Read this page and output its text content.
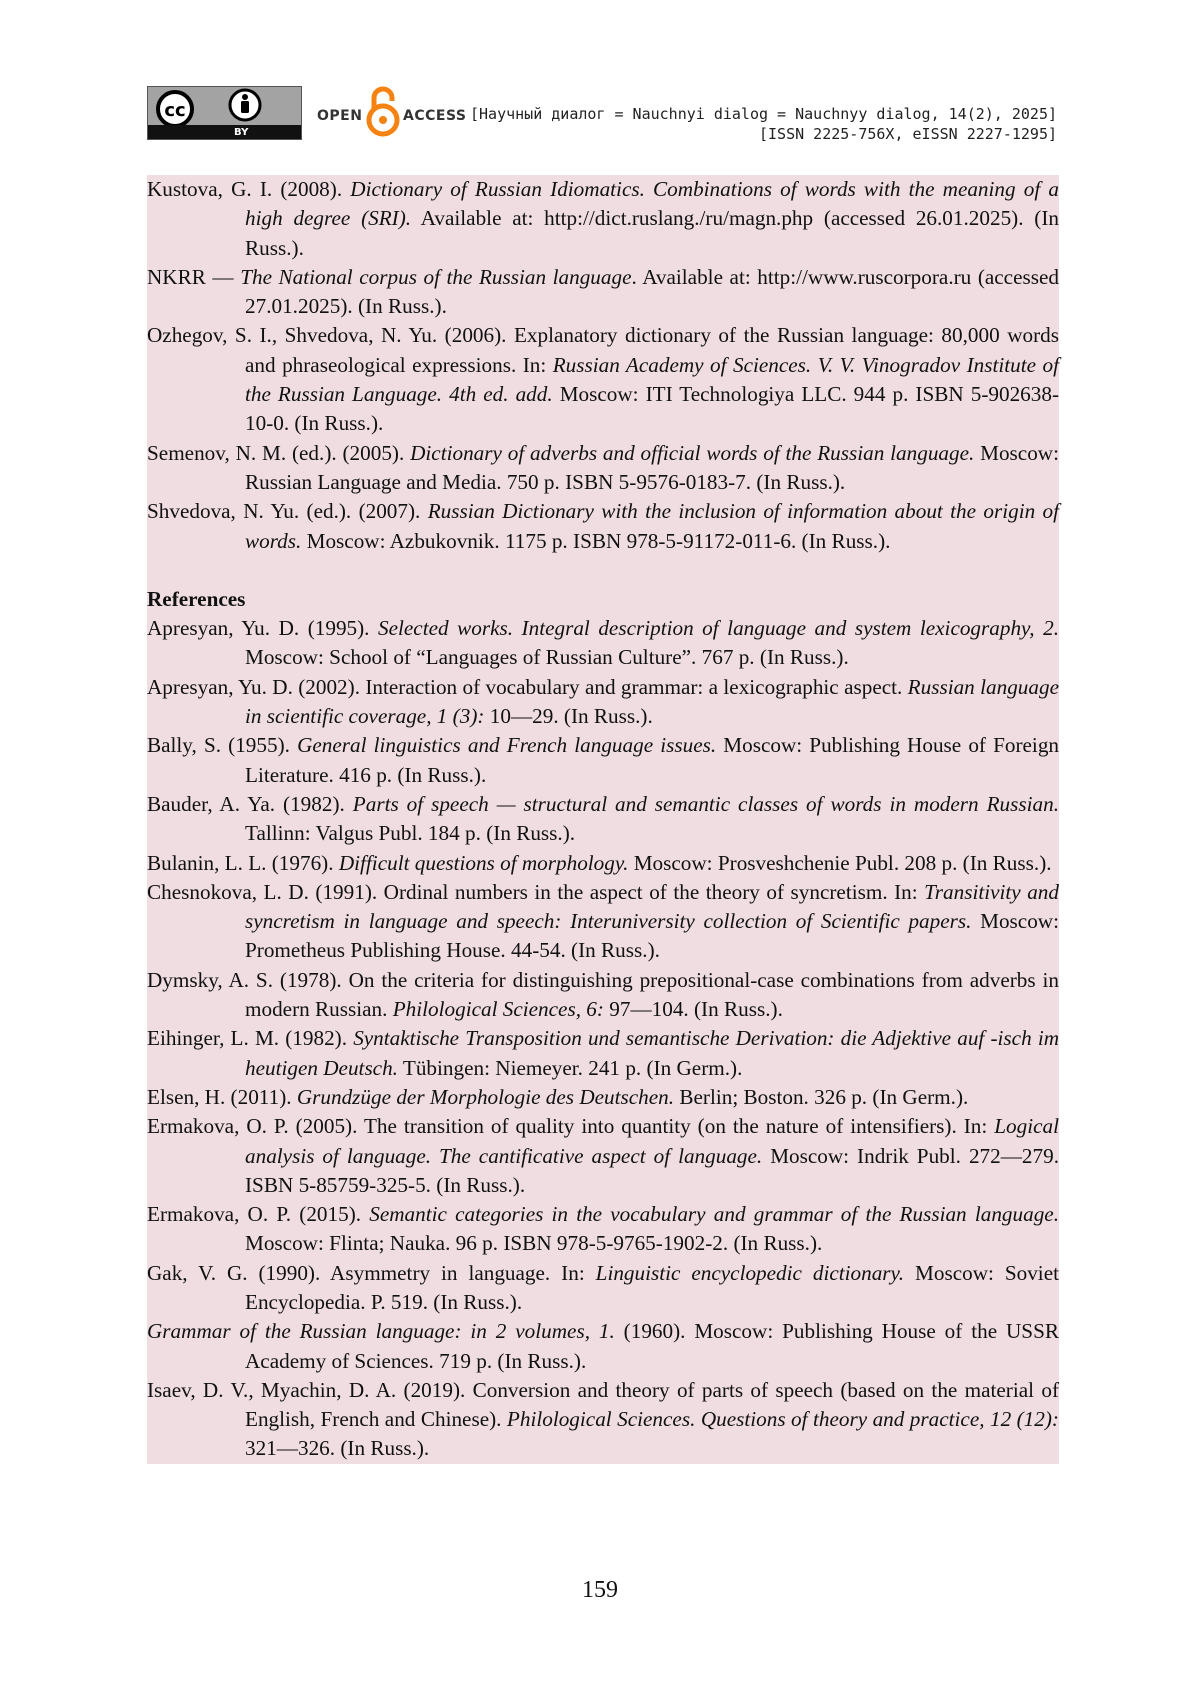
cc
BY
OPEN	ACCESS [Научный диалог = Nauchnyi dialog = Nauchnyy dialog, 14(2), 2025]
[ISSN 2225-756X, eISSN 2227-1295]
Kustova, G. I. (2008). Dictionary of Russian Idiomatics. Combinations of words with the meaning of a high degree (SRI). Available at: http://dict.ruslang./ru/magn.php (accessed 26.01.2025). (In Russ.).
NKRR — The National corpus of the Russian language. Available at: http://www.ruscorpora.ru (accessed 27.01.2025). (In Russ.).
Ozhegov, S. I., Shvedova, N. Yu. (2006). Explanatory dictionary of the Russian language: 80,000 words and phraseological expressions. In: Russian Academy of Sciences. V. V. Vinogradov Institute of the Russian Language. 4th ed. add. Moscow: ITI Technologiya LLC. 944 p. ISBN 5-902638-10-0. (In Russ.).
Semenov, N. M. (ed.). (2005). Dictionary of adverbs and official words of the Russian language. Moscow: Russian Language and Media. 750 p. ISBN 5-9576-0183-7. (In Russ.).
Shvedova, N. Yu. (ed.). (2007). Russian Dictionary with the inclusion of information about the origin of words. Moscow: Azbukovnik. 1175 p. ISBN 978-5-91172-011-6. (In Russ.).
References
Apresyan, Yu. D. (1995). Selected works. Integral description of language and system lexicography, 2. Moscow: School of “Languages of Russian Culture”. 767 p. (In Russ.).
Apresyan, Yu. D. (2002). Interaction of vocabulary and grammar: a lexicographic aspect. Russian language in scientific coverage, 1 (3): 10—29. (In Russ.).
Bally, S. (1955). General linguistics and French language issues. Moscow: Publishing House of Foreign Literature. 416 p. (In Russ.).
Bauder, A. Ya. (1982). Parts of speech — structural and semantic classes of words in modern Russian. Tallinn: Valgus Publ. 184 p. (In Russ.).
Bulanin, L. L. (1976). Difficult questions of morphology. Moscow: Prosveshchenie Publ. 208 p. (In Russ.).
Chesnokova, L. D. (1991). Ordinal numbers in the aspect of the theory of syncretism. In: Transitivity and syncretism in language and speech: Interuniversity collection of Scientific papers. Moscow: Prometheus Publishing House. 44-54. (In Russ.).
Dymsky, A. S. (1978). On the criteria for distinguishing prepositional-case combinations from adverbs in modern Russian. Philological Sciences, 6: 97—104. (In Russ.).
Eihinger, L. M. (1982). Syntaktische Transposition und semantische Derivation: die Adjektive auf -isch im heutigen Deutsch. Tübingen: Niemeyer. 241 p. (In Germ.).
Elsen, H. (2011). Grundzüge der Morphologie des Deutschen. Berlin; Boston. 326 p. (In Germ.).
Ermakova, O. P. (2005). The transition of quality into quantity (on the nature of intensifiers). In: Logical analysis of language. The cantificative aspect of language. Moscow: Indrik Publ. 272—279. ISBN 5-85759-325-5. (In Russ.).
Ermakova, O. P. (2015). Semantic categories in the vocabulary and grammar of the Russian language. Moscow: Flinta; Nauka. 96 p. ISBN 978-5-9765-1902-2. (In Russ.).
Gak, V. G. (1990). Asymmetry in language. In: Linguistic encyclopedic dictionary. Moscow: Soviet Encyclopedia. P. 519. (In Russ.).
Grammar of the Russian language: in 2 volumes, 1. (1960). Moscow: Publishing House of the USSR Academy of Sciences. 719 p. (In Russ.).
Isaev, D. V., Myachin, D. A. (2019). Conversion and theory of parts of speech (based on the material of English, French and Chinese). Philological Sciences. Questions of theory and practice, 12 (12): 321—326. (In Russ.).
159
